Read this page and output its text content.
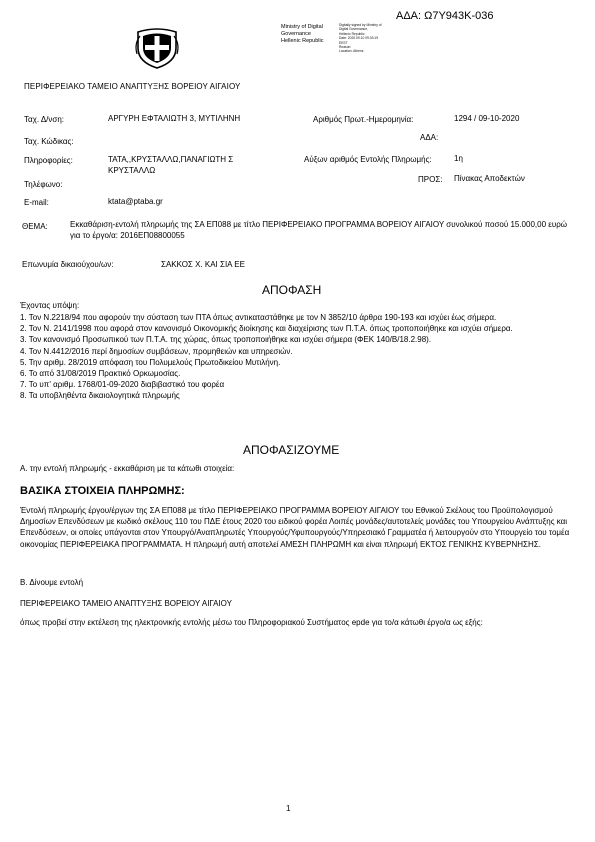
ΑΔΑ: Ω7Υ943Κ-036
Ministry of Digital
Governance
Hellenic Republic
Digitally signed by Ministry of
Digital Governance,
Hellenic Republic
Date: 2020.09.10 09:33:19
EEST
Reason:
Location: Athens
ΠΕΡΙΦΕΡΕΙΑΚΟ ΤΑΜΕΙΟ ΑΝΑΠΤΥΞΗΣ ΒΟΡΕΙΟΥ ΑΙΓΑΙΟΥ
Ταχ. Δ/νση:	ΑΡΓΥΡΗ ΕΦΤΑΛΙΩΤΗ 3, ΜΥΤΙΛΗΝΗ
Ταχ. Κώδικας:
Πληροφορίες:	ΤΑΤΑ,,ΚΡΥΣΤΑΛΛΩ,ΠΑΝΑΓΙΩΤΗ Σ ΚΡΥΣΤΑΛΛΩ
Τηλέφωνο:
E-mail:	ktata@ptaba.gr
Αριθμός Πρωτ.-Ημερομηνία:	1294 / 09-10-2020
ΑΔΑ:
Αύξων αριθμός Εντολής Πληρωμής:	1η
ΠΡΟΣ: Πίνακας Αποδεκτών
ΘΕΜΑ:	Εκκαθάριση-εντολή πληρωμής της ΣΑ ΕΠ088 με τίτλο ΠΕΡΙΦΕΡΕΙΑΚΟ ΠΡΟΓΡΑΜΜΑ ΒΟΡΕΙΟΥ ΑΙΓΑΙΟΥ συνολικού ποσού 15.000,00 ευρώ για το έργο/α: 2016ΕΠ08800055
Επωνυμία δικαιούχου/ων:	ΣΑΚΚΟΣ Χ. ΚΑΙ ΣΙΑ ΕΕ
ΑΠΟΦΑΣΗ
Έχοντας υπόψη:
1. Τον Ν.2218/94 που αφορούν την σύσταση των ΠΤΑ όπως αντικαταστάθηκε με τον Ν 3852/10 άρθρα 190-193 και ισχύει έως σήμερα.
2. Τον Ν. 2141/1998 που αφορά στον κανονισμό Οικονομικής διοίκησης και διαχείρισης των Π.Τ.Α. όπως τροποποιήθηκε και ισχύει σήμερα.
3. Τον κανονισμό Προσωπικού των Π.Τ.Α. της χώρας, όπως τροποποιήθηκε και ισχύει σήμερα (ΦΕΚ 140/Β/18.2.98).
4. Τον Ν.4412/2016 περί δημοσίων συμβάσεων, προμηθειών και υπηρεσιών.
5. Την αριθμ. 28/2019 απόφαση του Πολυμελούς Πρωτοδικείου Μυτιλήνη.
6. Το από 31/08/2019 Πρακτικό Ορκωμοσίας.
7. Το υπ' αριθμ. 1768/01-09-2020 διαβιβαστικό του φορέα
8. Τα υποβληθέντα δικαιολογητικά πληρωμής
ΑΠΟΦΑΣΙΖΟΥΜΕ
Α. την εντολή πληρωμής - εκκαθάριση με τα κάτωθι στοιχεία:
ΒΑΣΙΚΑ ΣΤΟΙΧΕΙΑ ΠΛΗΡΩΜΗΣ:
Έντολή πληρωμής έργου/έργων της ΣΑ ΕΠ088 με τίτλο ΠΕΡΙΦΕΡΕΙΑΚΟ ΠΡΟΓΡΑΜΜΑ ΒΟΡΕΙΟΥ ΑΙΓΑΙΟΥ του Εθνικού Σκέλους του Προϋπολογισμού Δημοσίων Επενδύσεων με κωδικό σκέλους 110 του ΠΔΕ έτους 2020 του ειδικού φορέα Λοιπές μονάδες/αυτοτελείς μονάδες του Υπουργείου Ανάπτυξης και Επενδύσεων, οι οποίες υπάγονται στον Υπουργό/Αναπληρωτές Υπουργούς/Υφυπουργούς/Υπηρεσιακό Γραμματέα ή λειτουργούν στο Υπουργείο του τομέα οικονομίας ΠΕΡΙΦΕΡΕΙΑΚΑ ΠΡΟΓΡΑΜΜΑΤΑ. Η πληρωμή αυτή αποτελεί ΑΜΕΣΗ ΠΛΗΡΩΜΗ και είναι πληρωμή ΕΚΤΟΣ ΓΕΝΙΚΗΣ ΚΥΒΕΡΝΗΣΗΣ.
Β. Δίνουμε εντολή
ΠΕΡΙΦΕΡΕΙΑΚΟ ΤΑΜΕΙΟ ΑΝΑΠΤΥΞΗΣ ΒΟΡΕΙΟΥ ΑΙΓΑΙΟΥ
όπως προβεί στην εκτέλεση της ηλεκτρονικής εντολής μέσω του Πληροφοριακού Συστήματος epde για το/α κάτωθι έργο/α ως εξής:
1
